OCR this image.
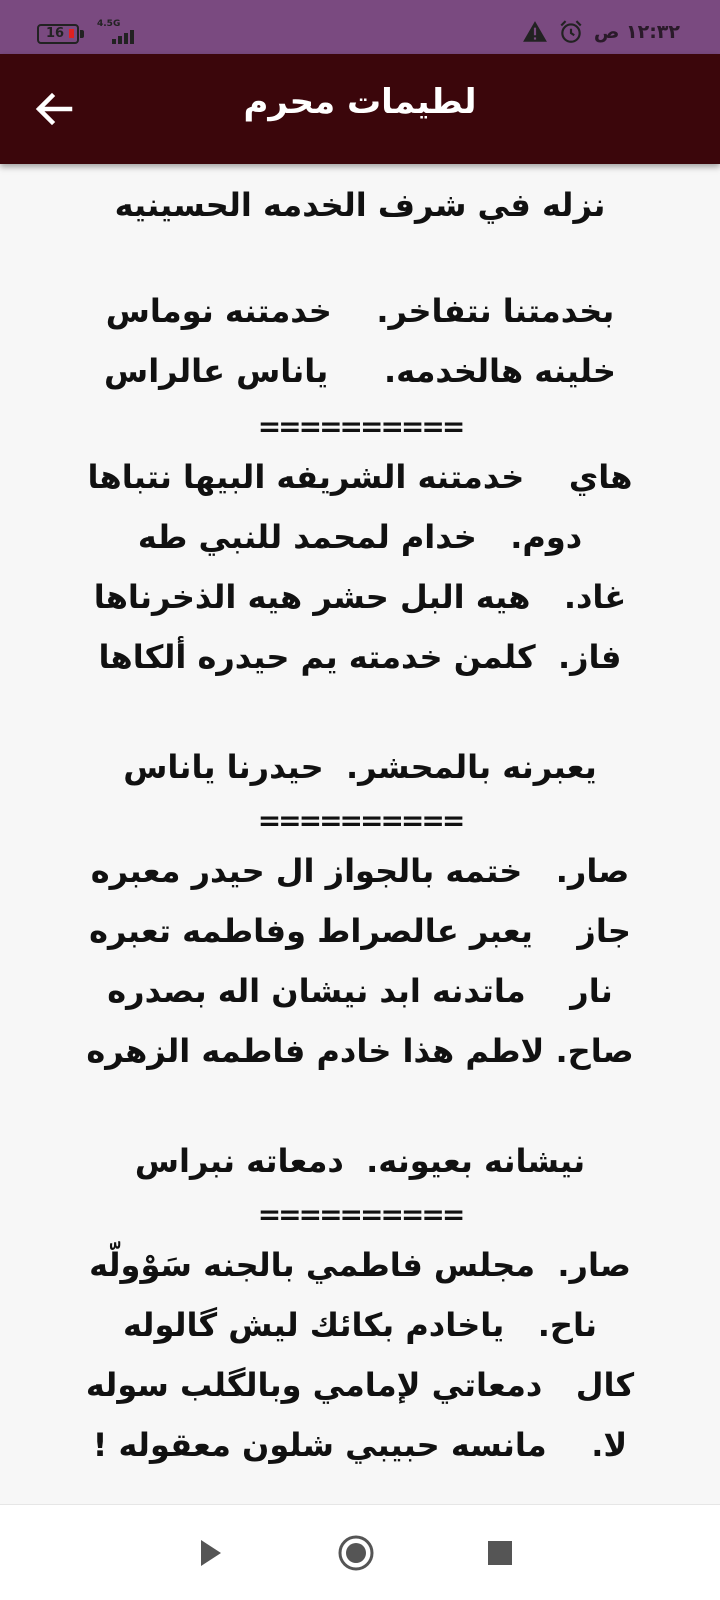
16
4.5G	١٢:٣٢ ص
لطيمات محرم
نزله في شرف الخدمه الحسينيه
بخدمتنا نتفاخر.    خدمتنه نوماس
خلينه هالخدمه.     ياناس عالراس
==========
هاي    خدمتنه الشريفه البيها نتباها
دوم.   خدام لمحمد للنبي طه
غاد.   هيه البل حشر هيه الذخرناها
فاز.  كلمن خدمته يم حيدره ألكاها
يعبرنه بالمحشر.  حيدرنا ياناس
==========
صار.   ختمه بالجواز ال حيدر معبره
جاز    يعبر عالصراط وفاطمه تعبره
نار    ماتدنه ابد نيشان اله بصدره
صاح. لاطم هذا خادم فاطمه الزهره
نيشانه بعيونه.  دمعاته نبراس
==========
صار.  مجلس فاطمي بالجنه سَوْولّه
ناح.   ياخادم بكائك ليش گالوله
كال   دمعاتي لإمامي وبالگلب سوله
لا.    مانسه حبيبي شلون معقوله !
